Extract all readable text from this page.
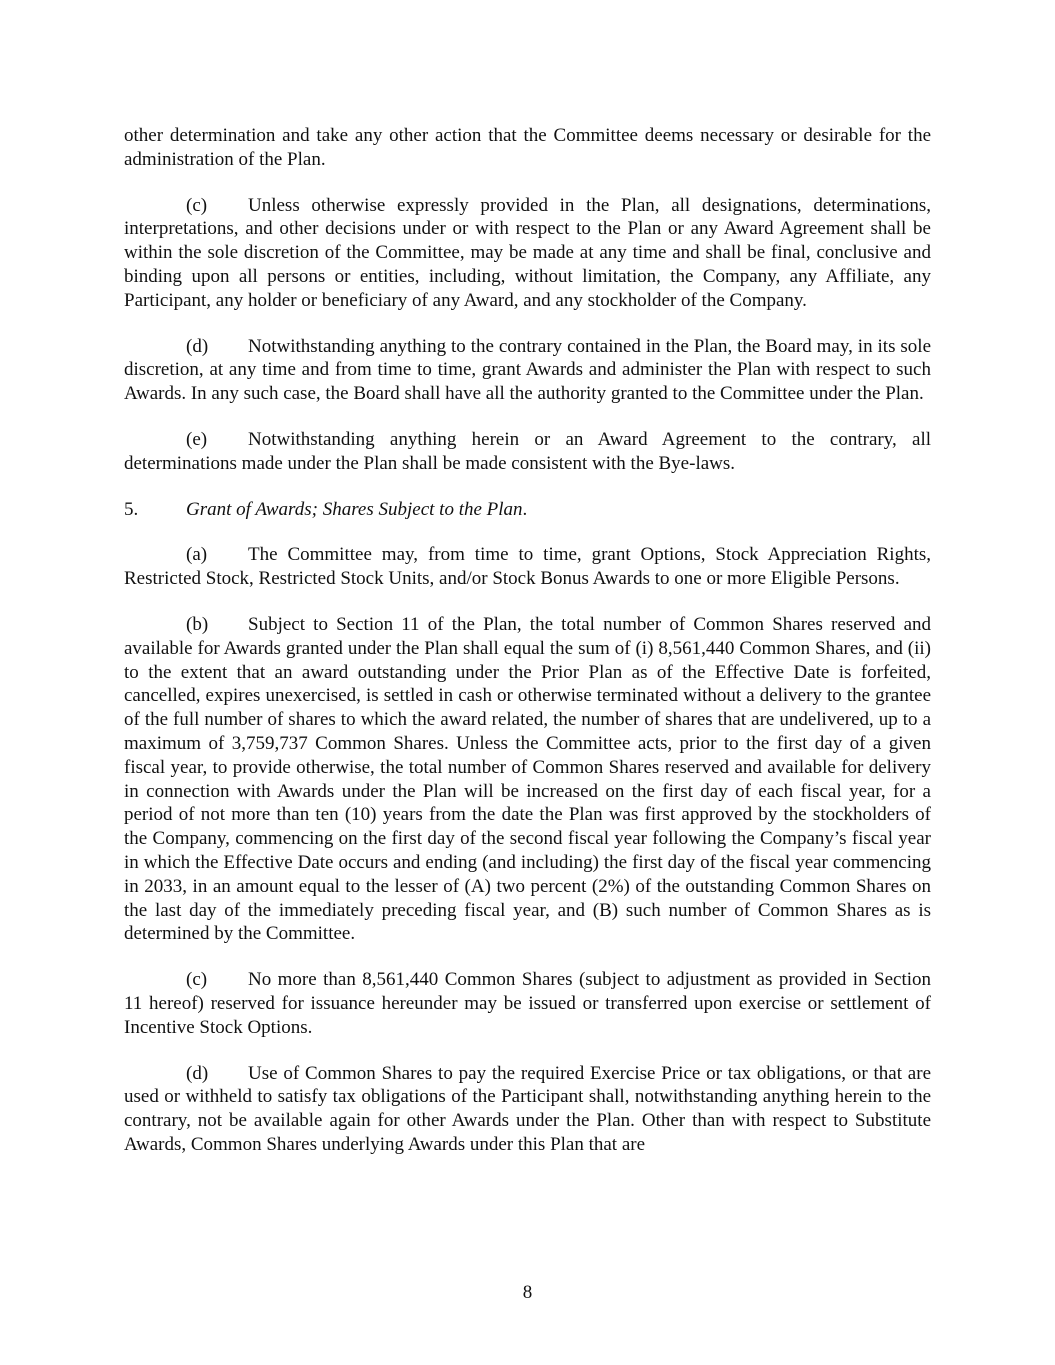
other determination and take any other action that the Committee deems necessary or desirable for the administration of the Plan.

(c) Unless otherwise expressly provided in the Plan, all designations, determinations, interpretations, and other decisions under or with respect to the Plan or any Award Agreement shall be within the sole discretion of the Committee, may be made at any time and shall be final, conclusive and binding upon all persons or entities, including, without limitation, the Company, any Affiliate, any Participant, any holder or beneficiary of any Award, and any stockholder of the Company.

(d) Notwithstanding anything to the contrary contained in the Plan, the Board may, in its sole discretion, at any time and from time to time, grant Awards and administer the Plan with respect to such Awards. In any such case, the Board shall have all the authority granted to the Committee under the Plan.

(e) Notwithstanding anything herein or an Award Agreement to the contrary, all determinations made under the Plan shall be made consistent with the Bye-laws.

5.	Grant of Awards; Shares Subject to the Plan.

(a) The Committee may, from time to time, grant Options, Stock Appreciation Rights, Restricted Stock, Restricted Stock Units, and/or Stock Bonus Awards to one or more Eligible Persons.

(b) Subject to Section 11 of the Plan, the total number of Common Shares reserved and available for Awards granted under the Plan shall equal the sum of (i) 8,561,440 Common Shares, and (ii) to the extent that an award outstanding under the Prior Plan as of the Effective Date is forfeited, cancelled, expires unexercised, is settled in cash or otherwise terminated without a delivery to the grantee of the full number of shares to which the award related, the number of shares that are undelivered, up to a maximum of 3,759,737 Common Shares. Unless the Committee acts, prior to the first day of a given fiscal year, to provide otherwise, the total number of Common Shares reserved and available for delivery in connection with Awards under the Plan will be increased on the first day of each fiscal year, for a period of not more than ten (10) years from the date the Plan was first approved by the stockholders of the Company, commencing on the first day of the second fiscal year following the Company’s fiscal year in which the Effective Date occurs and ending (and including) the first day of the fiscal year commencing in 2033, in an amount equal to the lesser of (A) two percent (2%) of the outstanding Common Shares on the last day of the immediately preceding fiscal year, and (B) such number of Common Shares as is determined by the Committee.

(c) No more than 8,561,440 Common Shares (subject to adjustment as provided in Section 11 hereof) reserved for issuance hereunder may be issued or transferred upon exercise or settlement of Incentive Stock Options.

(d) Use of Common Shares to pay the required Exercise Price or tax obligations, or that are used or withheld to satisfy tax obligations of the Participant shall, notwithstanding anything herein to the contrary, not be available again for other Awards under the Plan. Other than with respect to Substitute Awards, Common Shares underlying Awards under this Plan that are

8
